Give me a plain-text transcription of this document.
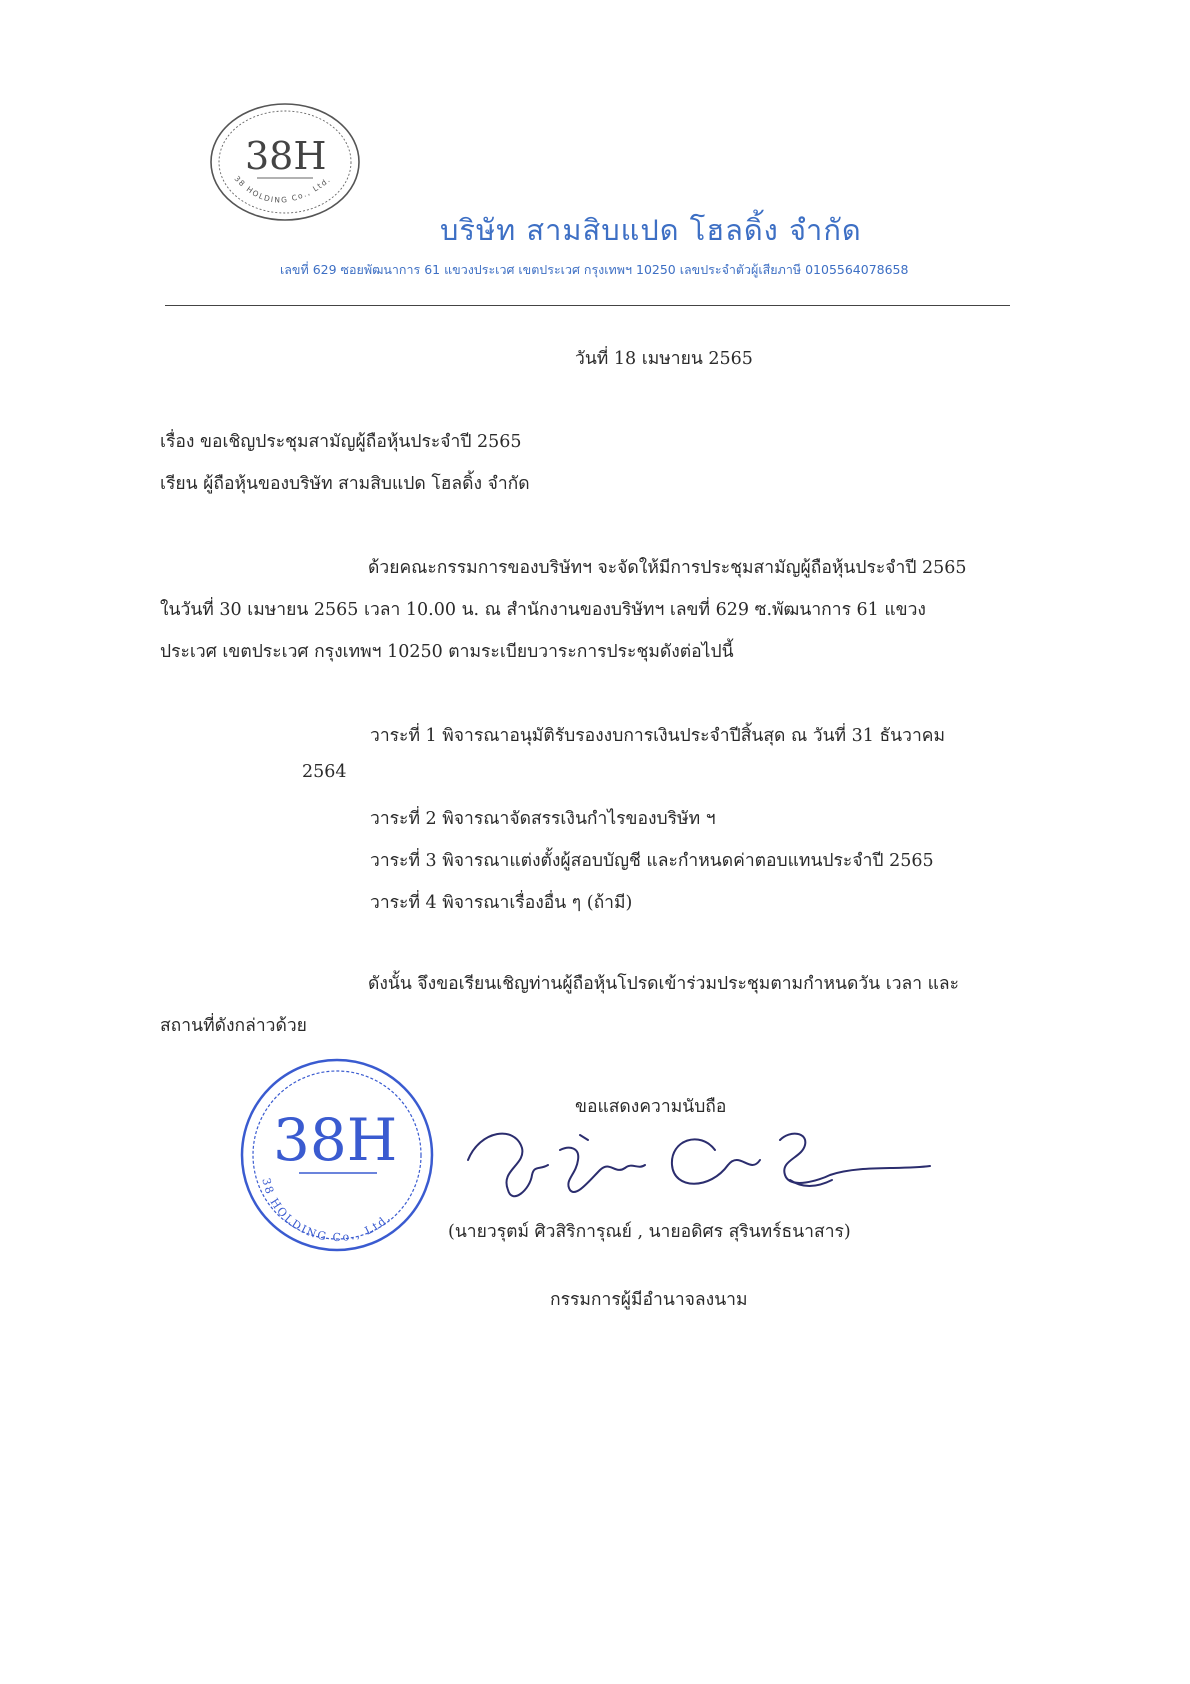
38H
38 HOLDING Co., Ltd.
บริษัท สามสิบแปด โฮลดิ้ง จำกัด
เลขที่ 629 ซอยพัฒนาการ 61 แขวงประเวศ เขตประเวศ กรุงเทพฯ 10250 เลขประจำตัวผู้เสียภาษี 0105564078658
วันที่ 18 เมษายน 2565
เรื่อง ขอเชิญประชุมสามัญผู้ถือหุ้นประจำปี 2565
เรียน ผู้ถือหุ้นของบริษัท สามสิบแปด โฮลดิ้ง จำกัด
ด้วยคณะกรรมการของบริษัทฯ จะจัดให้มีการประชุมสามัญผู้ถือหุ้นประจำปี 2565
ในวันที่ 30 เมษายน 2565 เวลา 10.00 น. ณ สำนักงานของบริษัทฯ เลขที่ 629 ซ.พัฒนาการ 61 แขวง
ประเวศ เขตประเวศ กรุงเทพฯ 10250 ตามระเบียบวาระการประชุมดังต่อไปนี้
วาระที่ 1 พิจารณาอนุมัติรับรองงบการเงินประจำปีสิ้นสุด ณ วันที่ 31 ธันวาคม
2564
วาระที่ 2 พิจารณาจัดสรรเงินกำไรของบริษัท ฯ
วาระที่ 3 พิจารณาแต่งตั้งผู้สอบบัญชี และกำหนดค่าตอบแทนประจำปี 2565
วาระที่ 4 พิจารณาเรื่องอื่น ๆ (ถ้ามี)
ดังนั้น จึงขอเรียนเชิญท่านผู้ถือหุ้นโปรดเข้าร่วมประชุมตามกำหนดวัน เวลา และ
สถานที่ดังกล่าวด้วย
ขอแสดงความนับถือ
38H
38 HOLDING Co., Ltd.
(นายวรุตม์ ศิวสิริการุณย์ , นายอดิศร สุรินทร์ธนาสาร)
กรรมการผู้มีอำนาจลงนาม
